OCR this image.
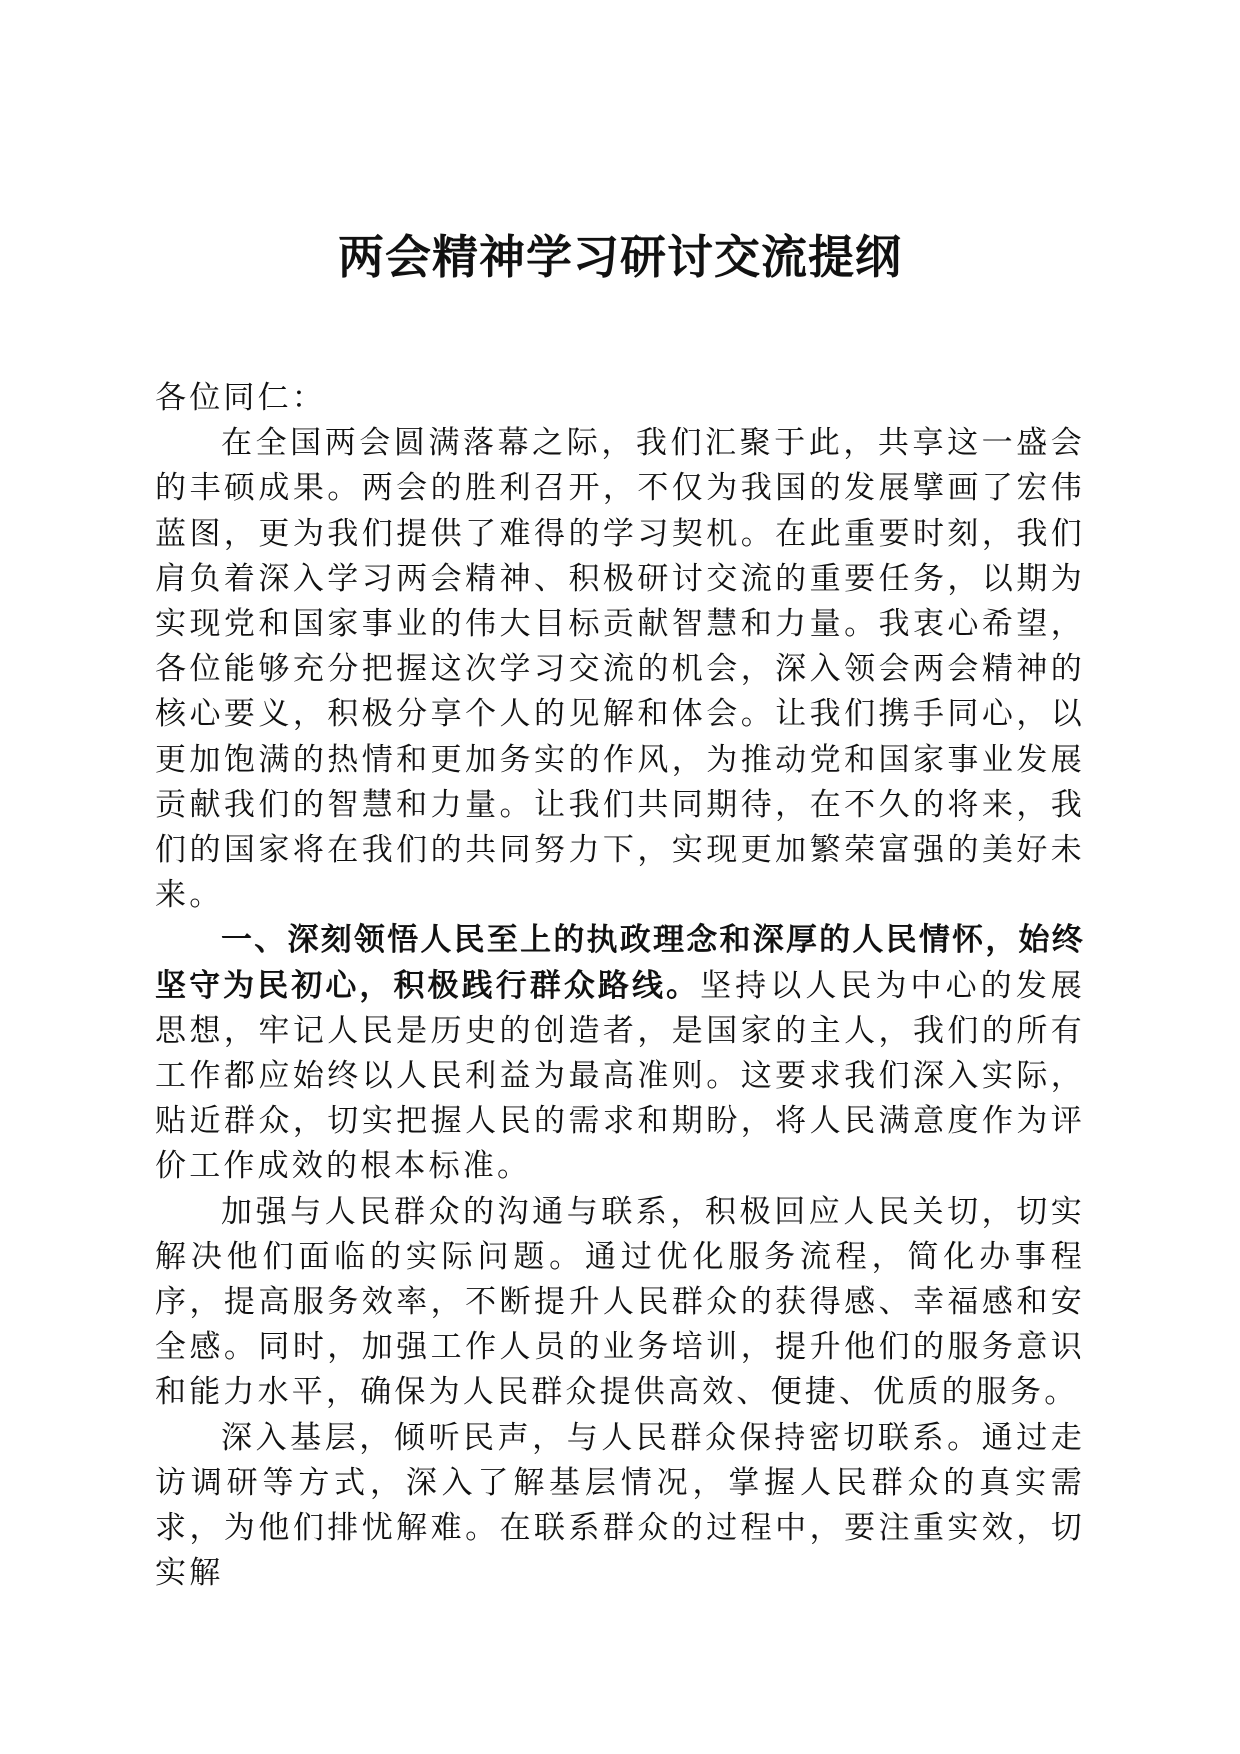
两会精神学习研讨交流提纲

各位同仁：

在全国两会圆满落幕之际，我们汇聚于此，共享这一盛会的丰硕成果。两会的胜利召开，不仅为我国的发展擘画了宏伟蓝图，更为我们提供了难得的学习契机。在此重要时刻，我们肩负着深入学习两会精神、积极研讨交流的重要任务，以期为实现党和国家事业的伟大目标贡献智慧和力量。我衷心希望，各位能够充分把握这次学习交流的机会，深入领会两会精神的核心要义，积极分享个人的见解和体会。让我们携手同心，以更加饱满的热情和更加务实的作风，为推动党和国家事业发展贡献我们的智慧和力量。让我们共同期待，在不久的将来，我们的国家将在我们的共同努力下，实现更加繁荣富强的美好未来。

一、深刻领悟人民至上的执政理念和深厚的人民情怀，始终坚守为民初心，积极践行群众路线。坚持以人民为中心的发展思想，牢记人民是历史的创造者，是国家的主人，我们的所有工作都应始终以人民利益为最高准则。这要求我们深入实际，贴近群众，切实把握人民的需求和期盼，将人民满意度作为评价工作成效的根本标准。

加强与人民群众的沟通与联系，积极回应人民关切，切实解决他们面临的实际问题。通过优化服务流程，简化办事程序，提高服务效率，不断提升人民群众的获得感、幸福感和安全感。同时，加强工作人员的业务培训，提升他们的服务意识和能力水平，确保为人民群众提供高效、便捷、优质的服务。

深入基层，倾听民声，与人民群众保持密切联系。通过走访调研等方式，深入了解基层情况，掌握人民群众的真实需求，为他们排忧解难。在联系群众的过程中，要注重实效，切实解
